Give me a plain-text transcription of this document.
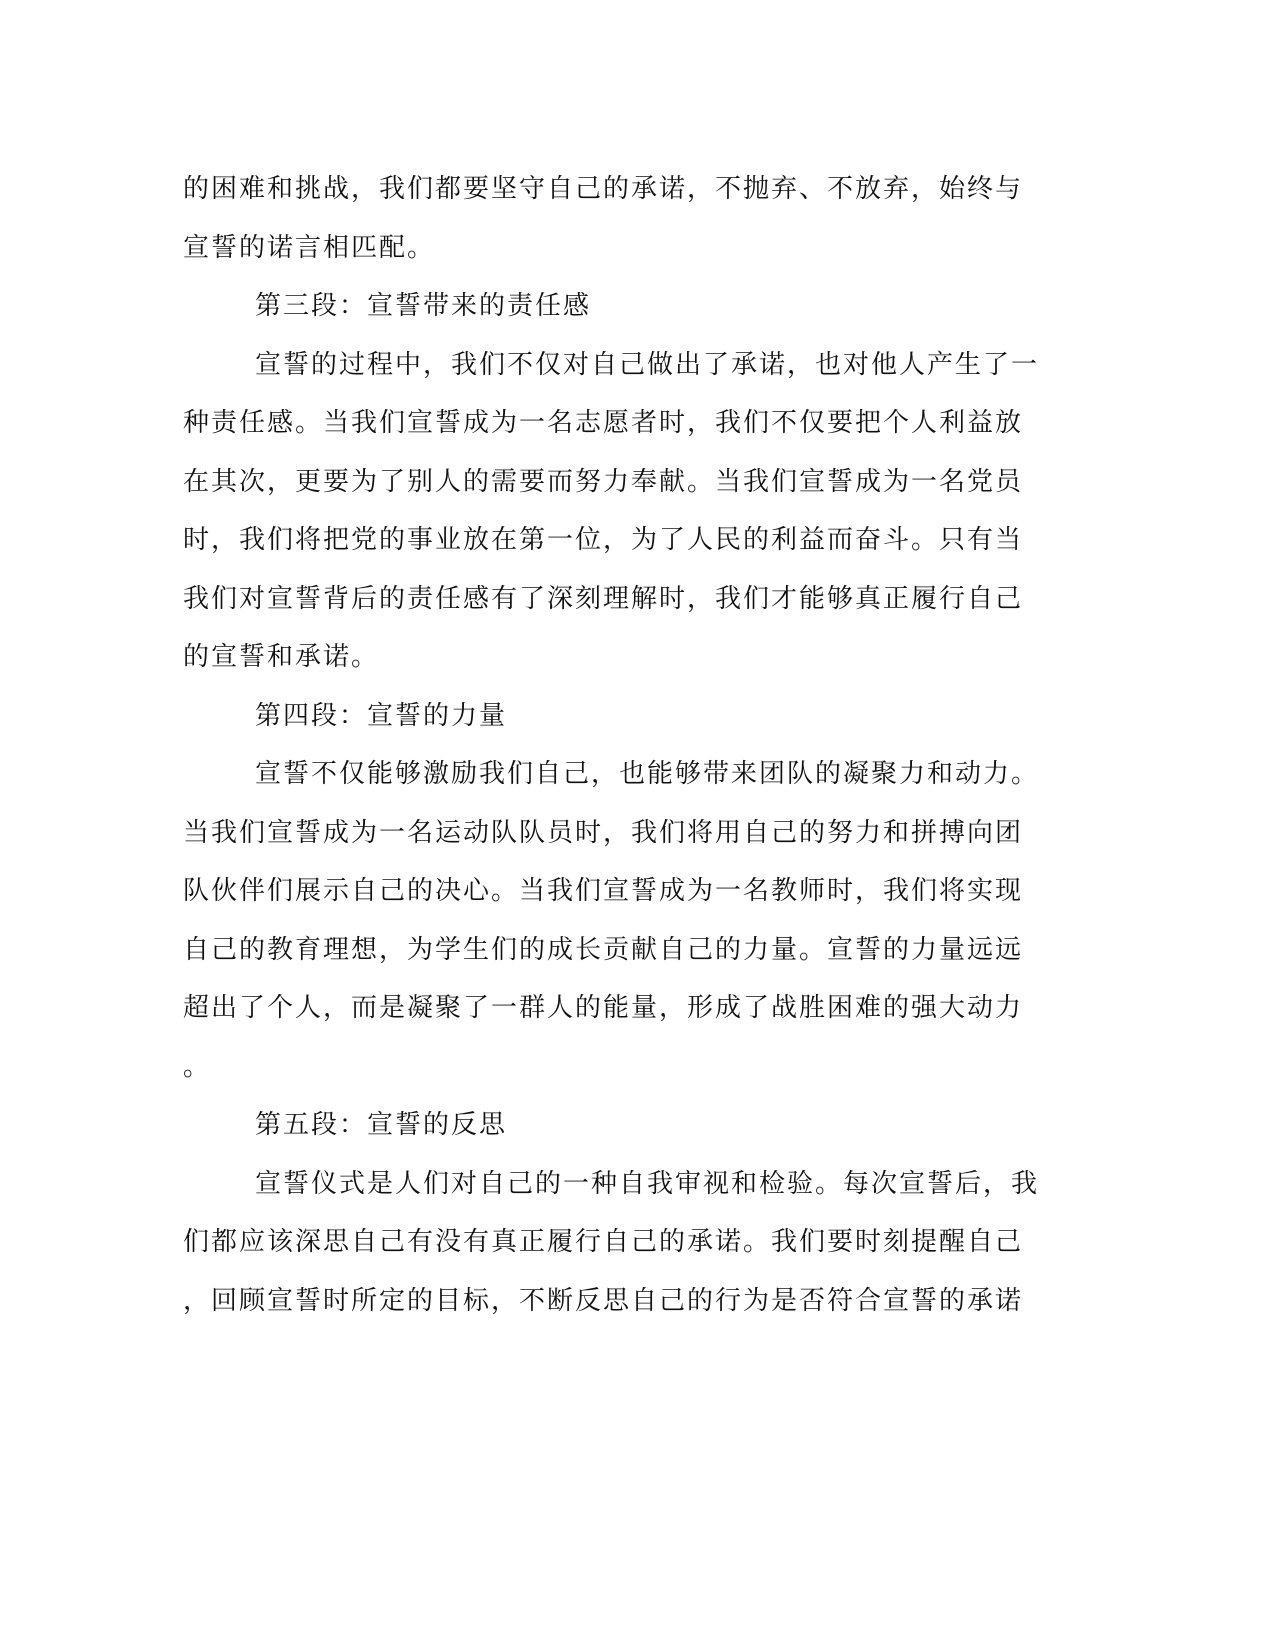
的困难和挑战，我们都要坚守自己的承诺，不抛弃、不放弃，始终与
宣誓的诺言相匹配。
第三段：宣誓带来的责任感
宣誓的过程中，我们不仅对自己做出了承诺，也对他人产生了一
种责任感。当我们宣誓成为一名志愿者时，我们不仅要把个人利益放
在其次，更要为了别人的需要而努力奉献。当我们宣誓成为一名党员
时，我们将把党的事业放在第一位，为了人民的利益而奋斗。只有当
我们对宣誓背后的责任感有了深刻理解时，我们才能够真正履行自己
的宣誓和承诺。
第四段：宣誓的力量
宣誓不仅能够激励我们自己，也能够带来团队的凝聚力和动力。
当我们宣誓成为一名运动队队员时，我们将用自己的努力和拼搏向团
队伙伴们展示自己的决心。当我们宣誓成为一名教师时，我们将实现
自己的教育理想，为学生们的成长贡献自己的力量。宣誓的力量远远
超出了个人，而是凝聚了一群人的能量，形成了战胜困难的强大动力
。
第五段：宣誓的反思
宣誓仪式是人们对自己的一种自我审视和检验。每次宣誓后，我
们都应该深思自己有没有真正履行自己的承诺。我们要时刻提醒自己
，回顾宣誓时所定的目标，不断反思自己的行为是否符合宣誓的承诺
